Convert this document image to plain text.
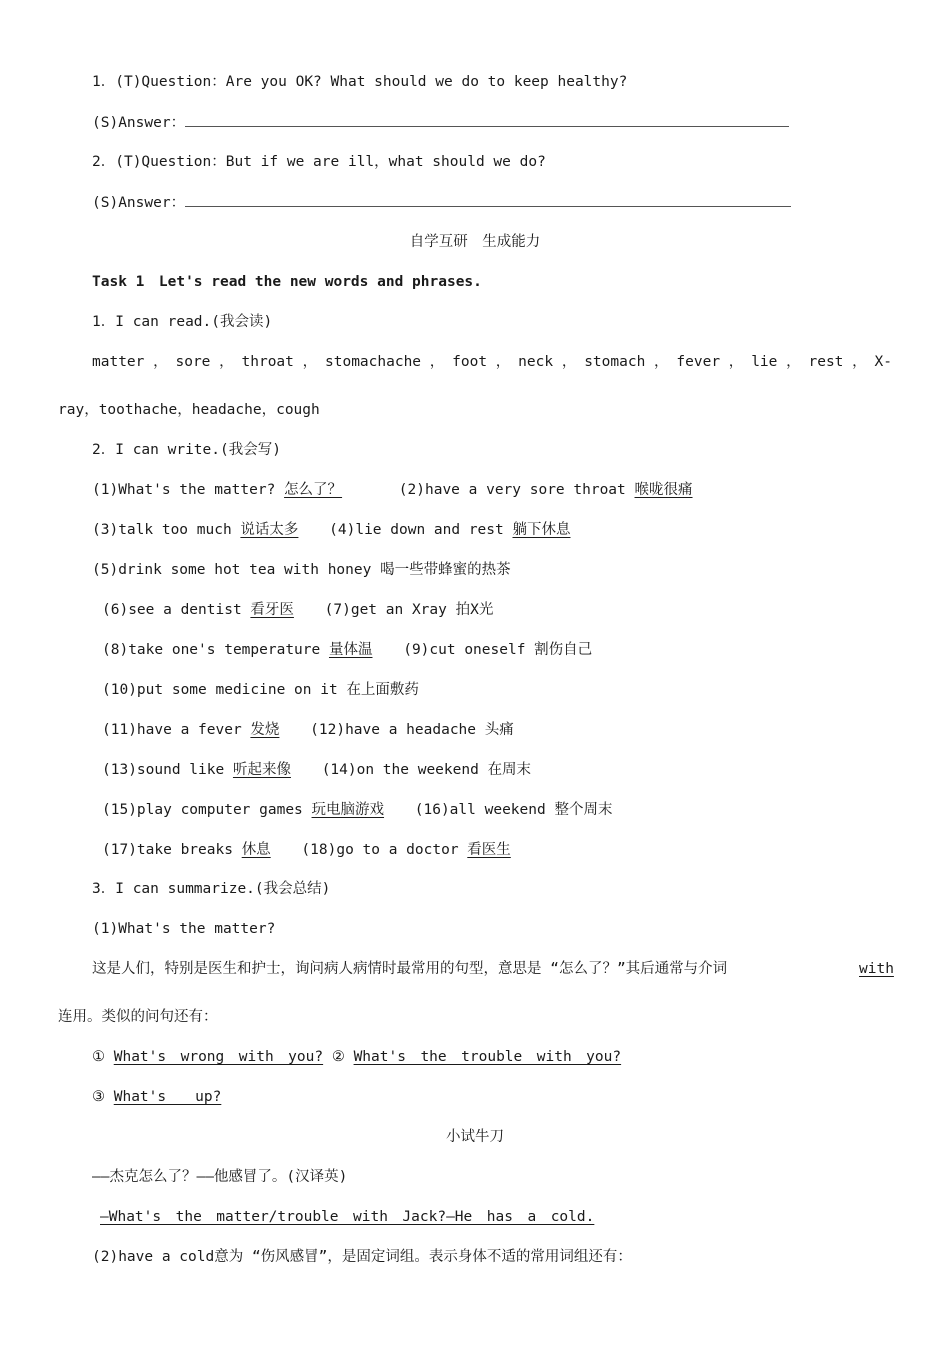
1．(T)Question：Are you OK? What should we do to keep healthy?
(S)Answer：
2．(T)Question：But if we are ill，what should we do?
(S)Answer：
自学互研　生成能力
Task 1　Let's read the new words and phrases.
1．I can read.(我会读)
matter ， sore ， throat ， stomachache ， foot ， neck ， stomach ， fever ， lie ， rest ， X-
ray，toothache，headache，cough
2．I can write.(我会写)
(1)What's the matter? 怎么了？	(2)have a very sore throat 喉咙很痛
(3)talk too much 说话太多 (4)lie down and rest 躺下休息
(5)drink some hot tea with honey 喝一些带蜂蜜的热茶
(6)see a dentist 看牙医 (7)get an Xray 拍X光
(8)take one's temperature 量体温 (9)cut oneself 割伤自己
(10)put some medicine on it 在上面敷药
(11)have a fever 发烧 (12)have a headache 头痛
(13)sound like 听起来像 (14)on the weekend 在周末
(15)play computer games 玩电脑游戏 (16)all weekend 整个周末
(17)take breaks 休息 (18)go to a doctor 看医生
3．I can summarize.(我会总结)
(1)What's the matter?
这是人们，特别是医生和护士，询问病人病情时最常用的句型，意思是 “怎么了？”其后通常与介词	with
连用。类似的问句还有：
① What's　wrong　with　you? ② What's　the　trouble　with　you?
③ What's　　up?
小试牛刀
——杰克怎么了？——他感冒了。(汉译英)
—What's　the　matter/trouble　with　Jack?—He　has　a　cold.
(2)have a cold意为 “伤风感冒”，是固定词组。表示身体不适的常用词组还有：
